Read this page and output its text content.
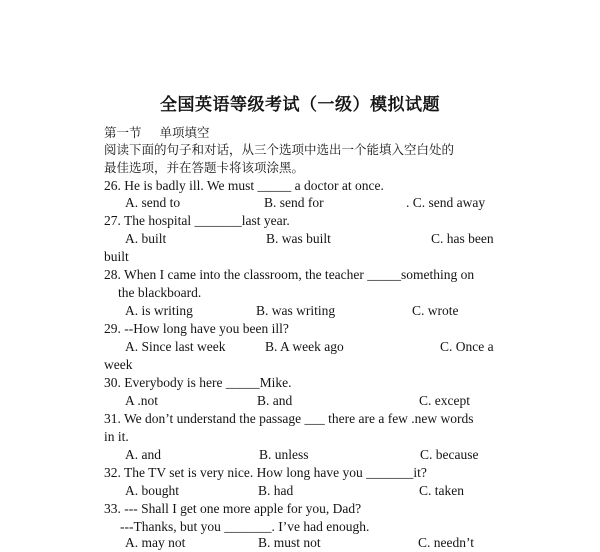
全国英语等级考试（一级）模拟试题
第一节 单项填空
阅读下面的句子和对话，从三个选项中选出一个能填入空白处的
最佳选项，并在答题卡将该项涂黑。
26. He is badly ill. We must _____ a doctor at once.
A. send to	B. send for	. C. send away
27. The hospital _______last year.
A. built	B. was built	C. has been
built
28. When I came into the classroom, the teacher _____something on
the blackboard.
A. is writing	B. was writing	C. wrote
29. --How long have you been ill?
A. Since last week	B. A week ago	C. Once a
week
30. Everybody is here _____Mike.
A .not	B. and	C. except
31. We don’t understand the passage ___ there are a few .new words
in it.
A. and	B. unless	C. because
32. The TV set is very nice. How long have you _______it?
A. bought	B. had	C. taken
33. --- Shall I get one more apple for you, Dad?
---Thanks, but you _______. I’ve had enough.
A. may not	B. must not	C. needn’t
